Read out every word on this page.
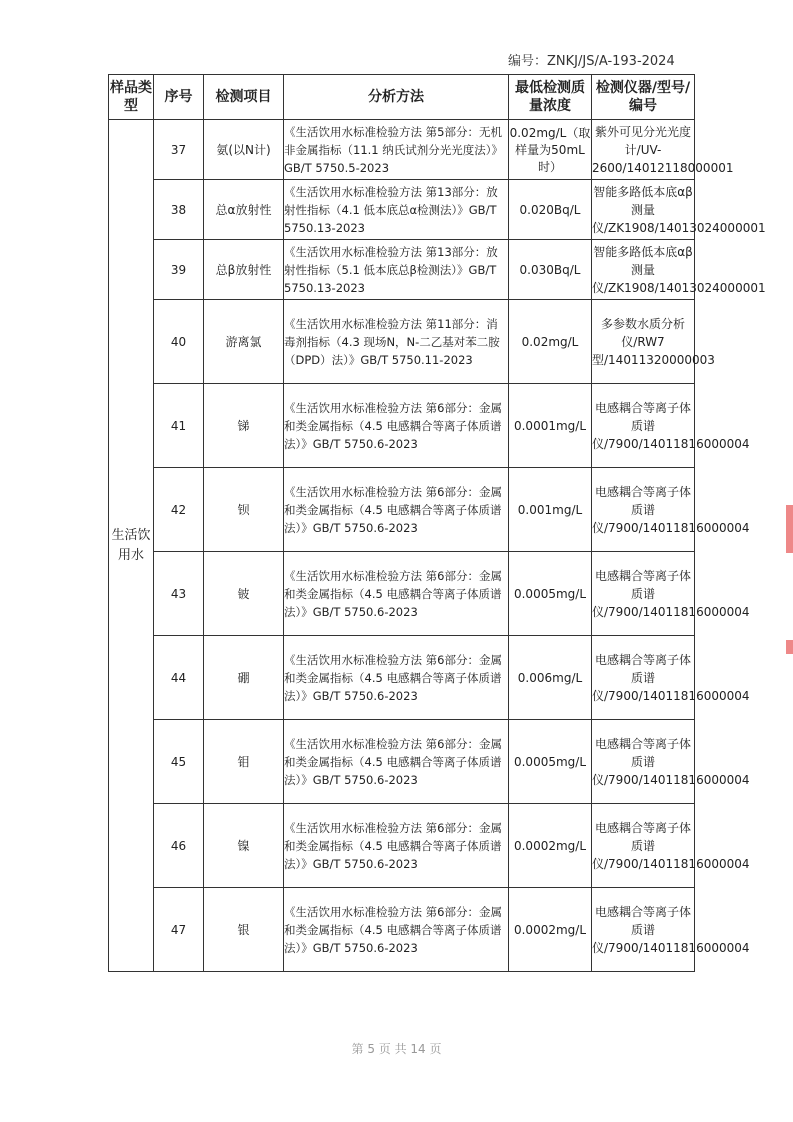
编号：ZNKJ/JS/A-193-2024
样品类型	序号	检测项目	分析方法	最低检测质量浓度	检测仪器/型号/编号
生活饮用水	37	氨(以N计)	《生活饮用水标准检验方法 第5部分：无机非金属指标（11.1 纳氏试剂分光光度法）》GB/T 5750.5-2023	0.02mg/L（取样量为50mL时）	紫外可见分光光度计/UV-2600/14012118000001
	38	总α放射性	《生活饮用水标准检验方法 第13部分：放射性指标（4.1 低本底总α检测法）》GB/T 5750.13-2023	0.020Bq/L	智能多路低本底αβ测量仪/ZK1908/14013024000001
	39	总β放射性	《生活饮用水标准检验方法 第13部分：放射性指标（5.1 低本底总β检测法）》GB/T 5750.13-2023	0.030Bq/L	智能多路低本底αβ测量仪/ZK1908/14013024000001
	40	游离氯	《生活饮用水标准检验方法 第11部分：消毒剂指标（4.3 现场N，N-二乙基对苯二胺（DPD）法）》GB/T 5750.11-2023	0.02mg/L	多参数水质分析仪/RW7型/14011320000003
	41	锑	《生活饮用水标准检验方法 第6部分：金属和类金属指标（4.5 电感耦合等离子体质谱法）》GB/T 5750.6-2023	0.0001mg/L	电感耦合等离子体质谱仪/7900/14011816000004
	42	钡	《生活饮用水标准检验方法 第6部分：金属和类金属指标（4.5 电感耦合等离子体质谱法）》GB/T 5750.6-2023	0.001mg/L	电感耦合等离子体质谱仪/7900/14011816000004
	43	铍	《生活饮用水标准检验方法 第6部分：金属和类金属指标（4.5 电感耦合等离子体质谱法）》GB/T 5750.6-2023	0.0005mg/L	电感耦合等离子体质谱仪/7900/14011816000004
	44	硼	《生活饮用水标准检验方法 第6部分：金属和类金属指标（4.5 电感耦合等离子体质谱法）》GB/T 5750.6-2023	0.006mg/L	电感耦合等离子体质谱仪/7900/14011816000004
	45	钼	《生活饮用水标准检验方法 第6部分：金属和类金属指标（4.5 电感耦合等离子体质谱法）》GB/T 5750.6-2023	0.0005mg/L	电感耦合等离子体质谱仪/7900/14011816000004
	46	镍	《生活饮用水标准检验方法 第6部分：金属和类金属指标（4.5 电感耦合等离子体质谱法）》GB/T 5750.6-2023	0.0002mg/L	电感耦合等离子体质谱仪/7900/14011816000004
	47	银	《生活饮用水标准检验方法 第6部分：金属和类金属指标（4.5 电感耦合等离子体质谱法）》GB/T 5750.6-2023	0.0002mg/L	电感耦合等离子体质谱仪/7900/14011816000004
第 5 页 共 14 页
